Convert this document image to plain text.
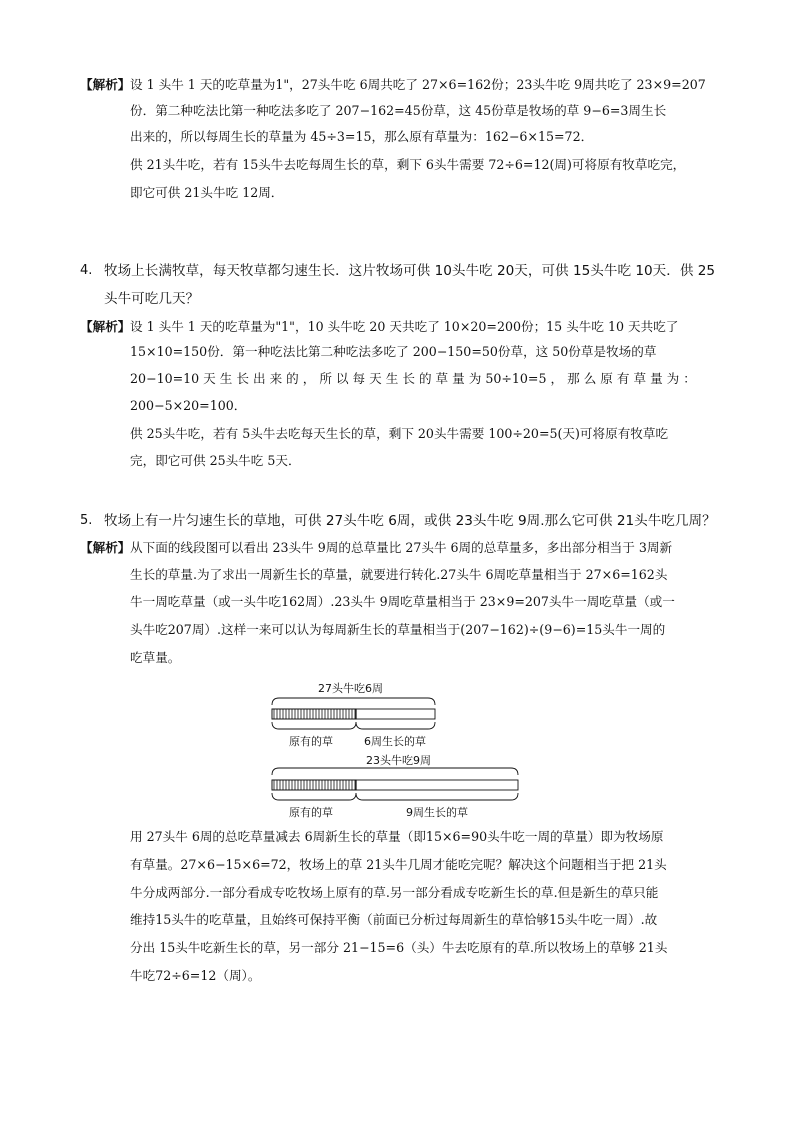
【解析】 设 1 头牛 1 天的吃草量为1"，27头牛吃 6周共吃了 27×6=162份；23头牛吃 9周共吃了 23×9=207
份．第二种吃法比第一种吃法多吃了 207−162=45份草，这 45份草是牧场的草 9−6=3周生长
出来的，所以每周生长的草量为 45÷3=15，那么原有草量为：162−6×15=72．
供 21头牛吃，若有 15头牛去吃每周生长的草，剩下 6头牛需要 72÷6=12(周)可将原有牧草吃完，
即它可供 21头牛吃 12周．
4. 牧场上长满牧草，每天牧草都匀速生长．这片牧场可供 10头牛吃 20天，可供 15头牛吃 10天．供 25
头牛可吃几天？
【解析】 设 1 头牛 1 天的吃草量为"1"，10 头牛吃 20 天共吃了 10×20=200份；15 头牛吃 10 天共吃了
15×10=150份．第一种吃法比第二种吃法多吃了 200−150=50份草，这 50份草是牧场的草
20−10=10 天 生 长 出 来 的 ， 所 以 每 天 生 长 的 草 量 为 50÷10=5 ， 那 么 原 有 草 量 为 ：
200−5×20=100．
供 25头牛吃，若有 5头牛去吃每天生长的草，剩下 20头牛需要 100÷20=5(天)可将原有牧草吃
完，即它可供 25头牛吃 5天．
5. 牧场上有一片匀速生长的草地，可供 27头牛吃 6周，或供 23头牛吃 9周.那么它可供 21头牛吃几周？
【解析】 从下面的线段图可以看出 23头牛 9周的总草量比 27头牛 6周的总草量多，多出部分相当于 3周新
生长的草量.为了求出一周新生长的草量，就要进行转化.27头牛 6周吃草量相当于 27×6=162头
牛一周吃草量（或一头牛吃162周）.23头牛 9周吃草量相当于 23×9=207头牛一周吃草量（或一
头牛吃207周）.这样一来可以认为每周新生长的草量相当于(207−162)÷(9−6)=15头牛一周的
吃草量。
27头牛吃6周
原有的草	6周生长的草
23头牛吃9周
原有的草	9周生长的草
用 27头牛 6周的总吃草量减去 6周新生长的草量（即15×6=90头牛吃一周的草量）即为牧场原
有草量。27×6−15×6=72，牧场上的草 21头牛几周才能吃完呢？解决这个问题相当于把 21头
牛分成两部分.一部分看成专吃牧场上原有的草.另一部分看成专吃新生长的草.但是新生的草只能
维持15头牛的吃草量，且始终可保持平衡（前面已分析过每周新生的草恰够15头牛吃一周）.故
分出 15头牛吃新生长的草，另一部分 21−15=6（头）牛去吃原有的草.所以牧场上的草够 21头
牛吃72÷6=12（周）。
